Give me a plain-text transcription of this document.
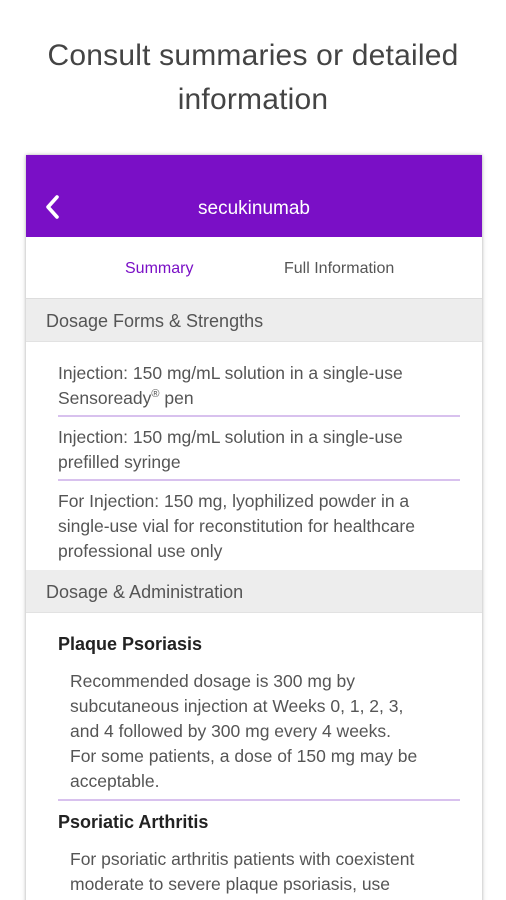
Consult summaries or detailed
information
secukinumab
Summary	Full Information
Dosage Forms & Strengths
Injection: 150 mg/mL solution in a single-use
Sensoready® pen
Injection: 150 mg/mL solution in a single-use
prefilled syringe
For Injection: 150 mg, lyophilized powder in a
single-use vial for reconstitution for healthcare
professional use only
Dosage & Administration
Plaque Psoriasis
Recommended dosage is 300 mg by
subcutaneous injection at Weeks 0, 1, 2, 3,
and 4 followed by 300 mg every 4 weeks.
For some patients, a dose of 150 mg may be
acceptable.
Psoriatic Arthritis
For psoriatic arthritis patients with coexistent
moderate to severe plaque psoriasis, use
